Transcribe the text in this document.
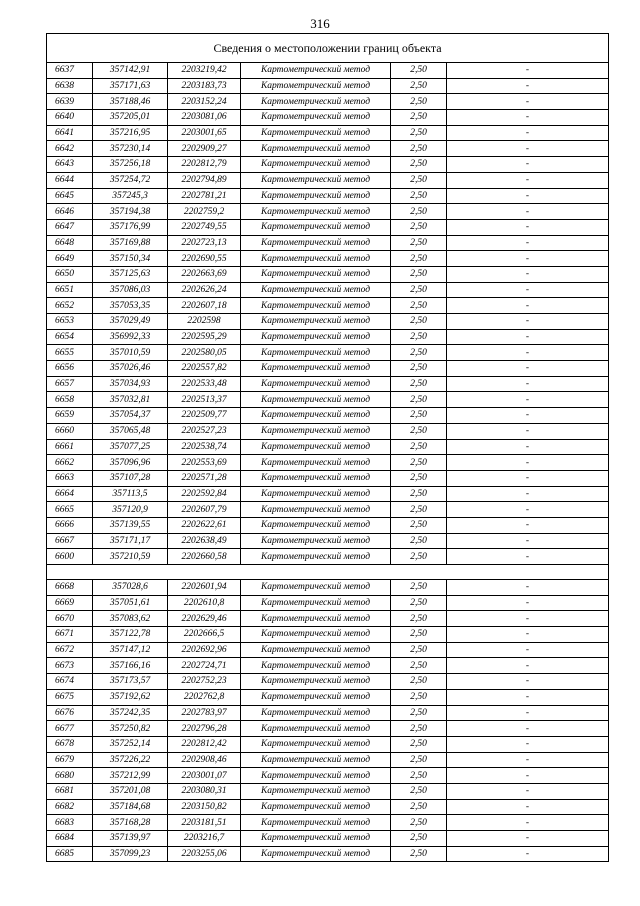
316
Сведения о местоположении границ объекта					
6637	357142,91	2203219,42	Картометрический метод	2,50	-
6638	357171,63	2203183,73	Картометрический метод	2,50	-
6639	357188,46	2203152,24	Картометрический метод	2,50	-
6640	357205,01	2203081,06	Картометрический метод	2,50	-
6641	357216,95	2203001,65	Картометрический метод	2,50	-
6642	357230,14	2202909,27	Картометрический метод	2,50	-
6643	357256,18	2202812,79	Картометрический метод	2,50	-
6644	357254,72	2202794,89	Картометрический метод	2,50	-
6645	357245,3	2202781,21	Картометрический метод	2,50	-
6646	357194,38	2202759,2	Картометрический метод	2,50	-
6647	357176,99	2202749,55	Картометрический метод	2,50	-
6648	357169,88	2202723,13	Картометрический метод	2,50	-
6649	357150,34	2202690,55	Картометрический метод	2,50	-
6650	357125,63	2202663,69	Картометрический метод	2,50	-
6651	357086,03	2202626,24	Картометрический метод	2,50	-
6652	357053,35	2202607,18	Картометрический метод	2,50	-
6653	357029,49	2202598	Картометрический метод	2,50	-
6654	356992,33	2202595,29	Картометрический метод	2,50	-
6655	357010,59	2202580,05	Картометрический метод	2,50	-
6656	357026,46	2202557,82	Картометрический метод	2,50	-
6657	357034,93	2202533,48	Картометрический метод	2,50	-
6658	357032,81	2202513,37	Картометрический метод	2,50	-
6659	357054,37	2202509,77	Картометрический метод	2,50	-
6660	357065,48	2202527,23	Картометрический метод	2,50	-
6661	357077,25	2202538,74	Картометрический метод	2,50	-
6662	357096,96	2202553,69	Картометрический метод	2,50	-
6663	357107,28	2202571,28	Картометрический метод	2,50	-
6664	357113,5	2202592,84	Картометрический метод	2,50	-
6665	357120,9	2202607,79	Картометрический метод	2,50	-
6666	357139,55	2202622,61	Картометрический метод	2,50	-
6667	357171,17	2202638,49	Картометрический метод	2,50	-
6600	357210,59	2202660,58	Картометрический метод	2,50	-

6668	357028,6	2202601,94	Картометрический метод	2,50	-
6669	357051,61	2202610,8	Картометрический метод	2,50	-
6670	357083,62	2202629,46	Картометрический метод	2,50	-
6671	357122,78	2202666,5	Картометрический метод	2,50	-
6672	357147,12	2202692,96	Картометрический метод	2,50	-
6673	357166,16	2202724,71	Картометрический метод	2,50	-
6674	357173,57	2202752,23	Картометрический метод	2,50	-
6675	357192,62	2202762,8	Картометрический метод	2,50	-
6676	357242,35	2202783,97	Картометрический метод	2,50	-
6677	357250,82	2202796,28	Картометрический метод	2,50	-
6678	357252,14	2202812,42	Картометрический метод	2,50	-
6679	357226,22	2202908,46	Картометрический метод	2,50	-
6680	357212,99	2203001,07	Картометрический метод	2,50	-
6681	357201,08	2203080,31	Картометрический метод	2,50	-
6682	357184,68	2203150,82	Картометрический метод	2,50	-
6683	357168,28	2203181,51	Картометрический метод	2,50	-
6684	357139,97	2203216,7	Картометрический метод	2,50	-
6685	357099,23	2203255,06	Картометрический метод	2,50	-
